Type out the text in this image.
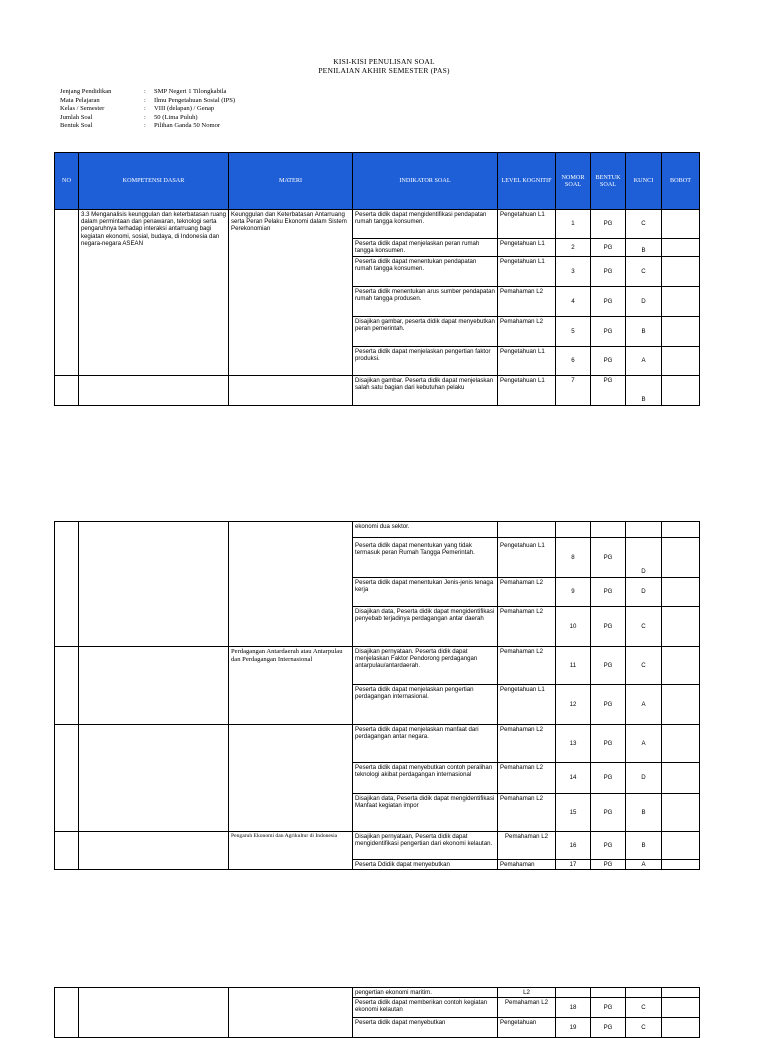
KISI-KISI PENULISAN SOAL
PENILAIAN AKHIR SEMESTER (PAS)
Jenjang Pendidikan	:	SMP Negeri 1 Tilongkabila
Mata Pelajaran	:	Ilmu Pengetahuan Sosial (IPS)
Kelas / Semester	:	VIII (delapan) / Genap
Jumlah Soal	:	50 (Lima Puluh)
Bentuk Soal	:	Pilihan Ganda 50 Nomor
NO	KOMPETENSI DASAR	MATERI	INDIKATOR SOAL	LEVEL KOGNITIF	NOMOR SOAL	BENTUK SOAL	KUNCI	BOBOT
	3.3 Menganalisis keunggulan dan keterbatasan ruang dalam permintaan dan penawaran, teknologi serta pengaruhnya terhadap interaksi antarruang bagi kegiatan ekonomi, sosial, budaya, di Indonesia dan negara-negara ASEAN	Keunggulan dan Keterbatasan Antarruang serta Peran Pelaku Ekonomi dalam Sistem Perekonomian	Peserta didik dapat mengidentifikasi pendapatan rumah tangga konsumen.	Pengetahuan L1	1	PG	C	
			Peserta didik dapat menjelaskan peran rumah tangga konsumen.	Pengetahuan L1	2	PG	B	
			Peserta didik dapat menentukan pendapatan rumah tangga konsumen.	Pengetahuan L1	3	PG	C	
			Peserta didik menentukan arus sumber pendapatan rumah tangga produsen.	Pemahaman L2	4	PG	D	
			Disajikan gambar, peserta didik dapat menyebutkan peran pemerintah.	Pemahaman L2	5	PG	B	
			Peserta didik dapat menjelaskan pengertian faktor produksi.	Pengetahuan L1	6	PG	A	
			Disajikan gambar. Peserta didik dapat menjelaskan salah satu bagian dari kebutuhan pelaku	Pengetahuan L1	7	PG	B	
			ekonomi dua sektor.					
			Peserta didik dapat menentukan yang tidak termasuk peran Rumah Tangga Pemerintah.	Pengetahuan L1	8	PG	D	
			Peserta didik dapat menentukan Jenis-jenis tenaga kerja	Pemahaman L2	9	PG	D	
			Disajikan data, Peserta didik dapat mengidentifikasi penyebab terjadinya perdagangan antar daerah	Pemahaman L2	10	PG	C	
		Perdagangan Antardaerah atau Antarpulau dan Perdagangan Internasional	Disajikan pernyataan. Peserta didik dapat menjelaskan Faktor Pendorong perdagangan antarpulau/antardaerah.	Pemahaman L2	11	PG	C	
			Peserta didik dapat menjelaskan pengertian perdagangan internasional.	Pengetahuan L1	12	PG	A	
			Peserta didik dapat menjelaskan manfaat dari perdagangan antar negara.	Pemahaman L2	13	PG	A	
			Peserta didik dapat menyebutkan contoh peralihan teknologi akibat perdagangan internasional	Pemahaman L2	14	PG	D	
			Disajikan data, Peserta didik dapat mengidentifikasi Manfaat kegiatan impor	Pemahaman L2	15	PG	B	
		Pengaruh Ekonomi dan Agrikultur di Indonesia	Disajikan pernyataan, Peserta didik dapat mengidentifikasi pengertian dari ekonomi kelautan.	Pemahaman L2	16	PG	B	
			Peserta Ddidik dapat menyebutkan	Pemahaman	17	PG	A	
			pengertian ekonomi maritim.	L2				
			Peserta didik dapat memberikan contoh kegiatan ekonomi kelautan	Pemahaman L2	18	PG	C	
			Peserta didik dapat menyebutkan	Pengetahuan	19	PG	C	
